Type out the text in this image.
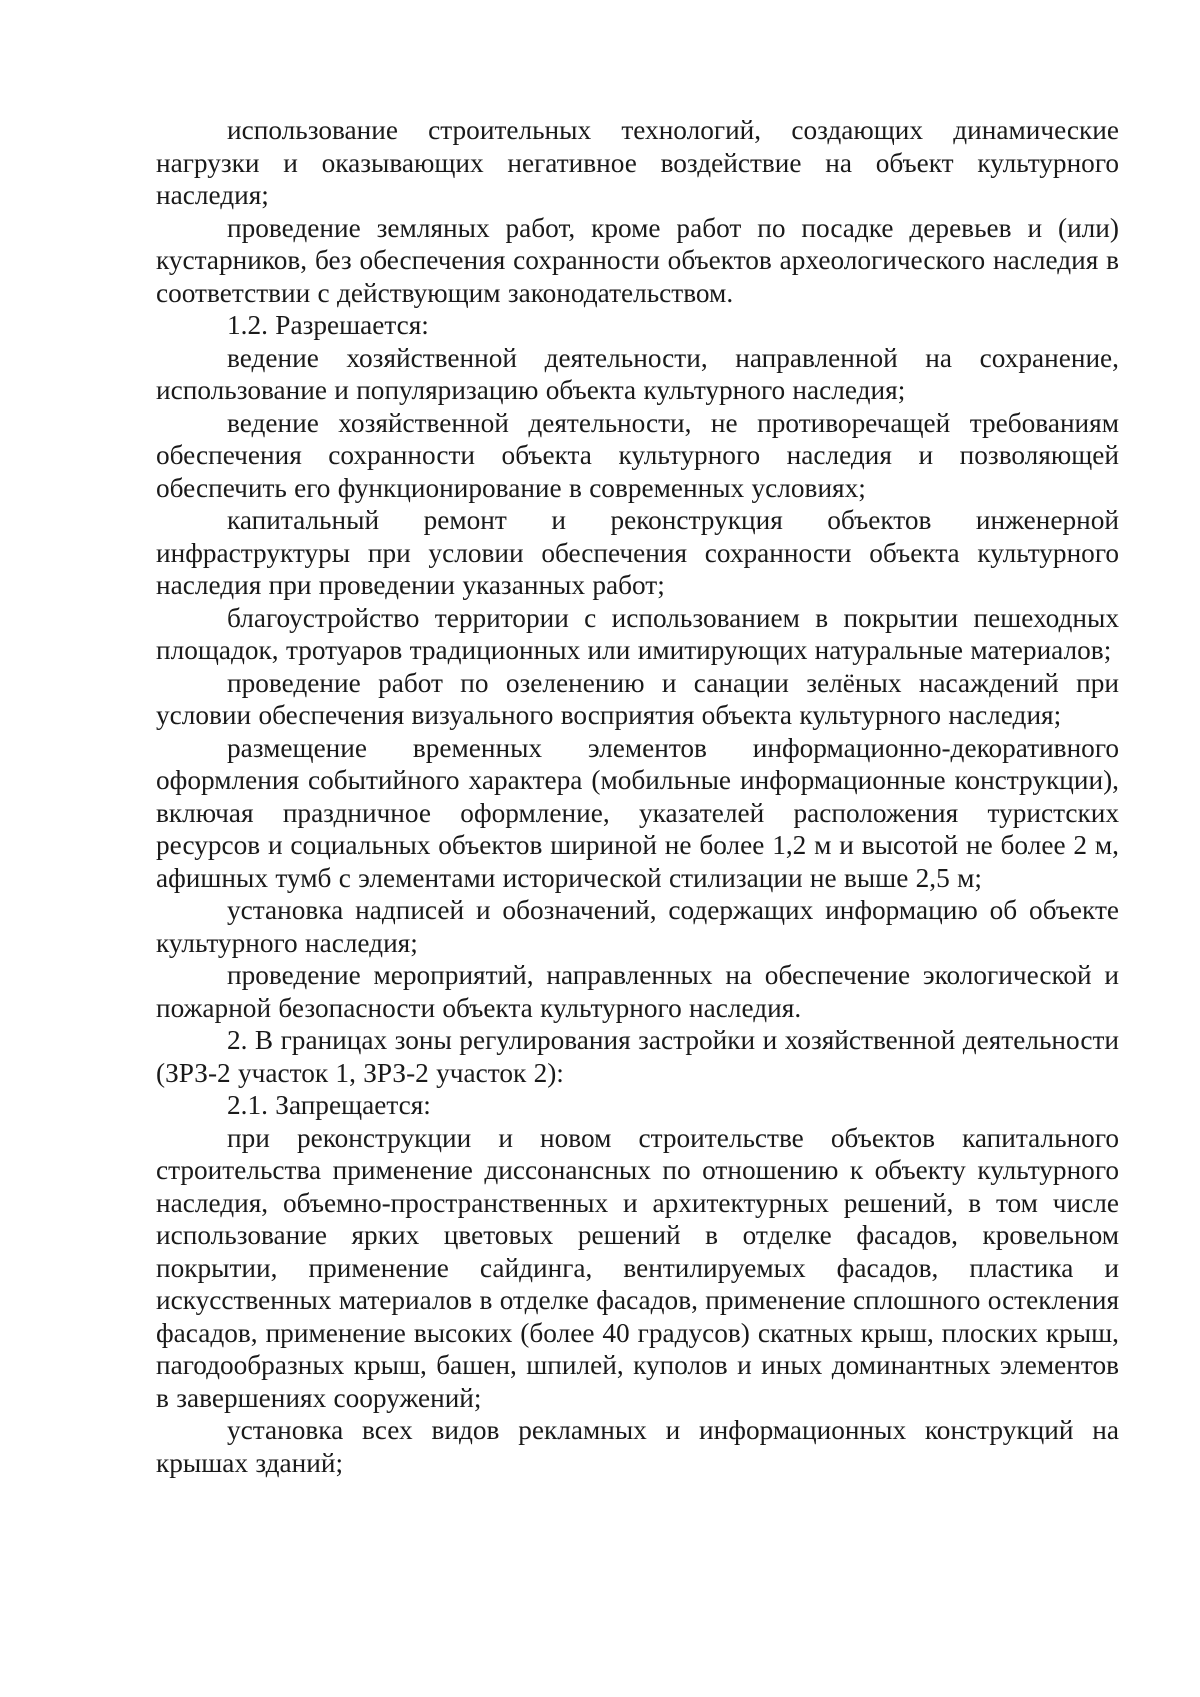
использование строительных технологий, создающих динамические нагрузки и оказывающих негативное воздействие на объект культурного наследия;

проведение земляных работ, кроме работ по посадке деревьев и (или) кустарников, без обеспечения сохранности объектов археологического наследия в соответствии с действующим законодательством.

1.2. Разрешается:

ведение хозяйственной деятельности, направленной на сохранение, использование и популяризацию объекта культурного наследия;

ведение хозяйственной деятельности, не противоречащей требованиям обеспечения сохранности объекта культурного наследия и позволяющей обеспечить его функционирование в современных условиях;

капитальный ремонт и реконструкция объектов инженерной инфраструктуры при условии обеспечения сохранности объекта культурного наследия при проведении указанных работ;

благоустройство территории с использованием в покрытии пешеходных площадок, тротуаров традиционных или имитирующих натуральные материалов;

проведение работ по озеленению и санации зелёных насаждений при условии обеспечения визуального восприятия объекта культурного наследия;

размещение временных элементов информационно-декоративного оформления событийного характера (мобильные информационные конструкции), включая праздничное оформление, указателей расположения туристских ресурсов и социальных объектов шириной не более 1,2 м и высотой не более 2 м, афишных тумб с элементами исторической стилизации не выше 2,5 м;

установка надписей и обозначений, содержащих информацию об объекте культурного наследия;

проведение мероприятий, направленных на обеспечение экологической и пожарной безопасности объекта культурного наследия.

2. В границах зоны регулирования застройки и хозяйственной деятельности (ЗРЗ-2 участок 1, ЗРЗ-2 участок 2):

2.1. Запрещается:

при реконструкции и новом строительстве объектов капитального строительства применение диссонансных по отношению к объекту культурного наследия, объемно-пространственных и архитектурных решений, в том числе использование ярких цветовых решений в отделке фасадов, кровельном покрытии, применение сайдинга, вентилируемых фасадов, пластика и искусственных материалов в отделке фасадов, применение сплошного остекления фасадов, применение высоких (более 40 градусов) скатных крыш, плоских крыш, пагодообразных крыш, башен, шпилей, куполов и иных доминантных элементов в завершениях сооружений;

установка всех видов рекламных и информационных конструкций на крышах зданий;
